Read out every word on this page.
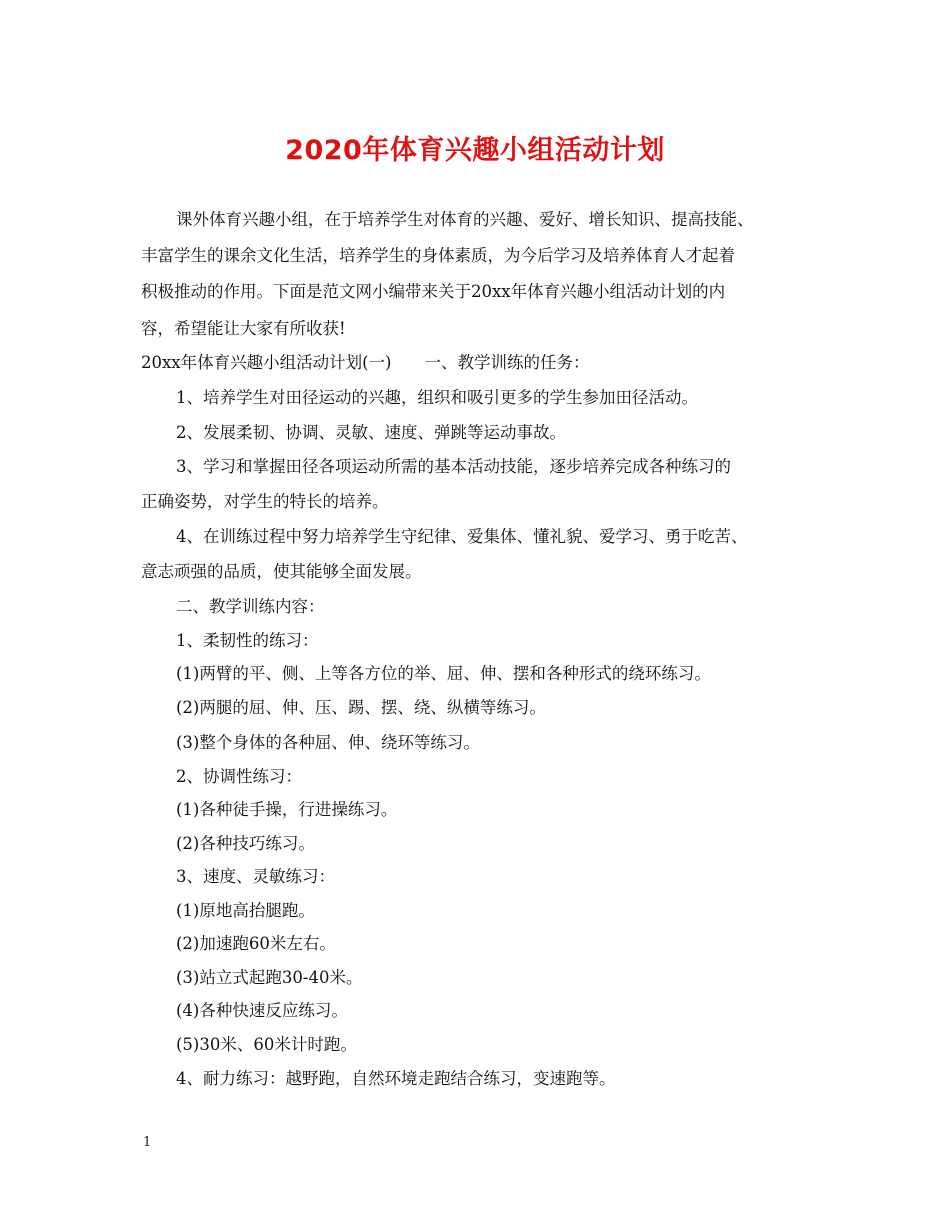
2020年体育兴趣小组活动计划
课外体育兴趣小组，在于培养学生对体育的兴趣、爱好、增长知识、提高技能、
丰富学生的课余文化生活，培养学生的身体素质，为今后学习及培养体育人才起着
积极推动的作用。下面是范文网小编带来关于20xx年体育兴趣小组活动计划的内
容，希望能让大家有所收获!
20xx年体育兴趣小组活动计划(一)　　一、教学训练的任务：
1、培养学生对田径运动的兴趣，组织和吸引更多的学生参加田径活动。
2、发展柔韧、协调、灵敏、速度、弹跳等运动事故。
3、学习和掌握田径各项运动所需的基本活动技能，逐步培养完成各种练习的
正确姿势，对学生的特长的培养。
4、在训练过程中努力培养学生守纪律、爱集体、懂礼貌、爱学习、勇于吃苦、
意志顽强的品质，使其能够全面发展。
二、教学训练内容：
1、柔韧性的练习：
(1)两臂的平、侧、上等各方位的举、屈、伸、摆和各种形式的绕环练习。
(2)两腿的屈、伸、压、踢、摆、绕、纵横等练习。
(3)整个身体的各种屈、伸、绕环等练习。
2、协调性练习：
(1)各种徒手操，行进操练习。
(2)各种技巧练习。
3、速度、灵敏练习：
(1)原地高抬腿跑。
(2)加速跑60米左右。
(3)站立式起跑30-40米。
(4)各种快速反应练习。
(5)30米、60米计时跑。
4、耐力练习：越野跑，自然环境走跑结合练习，变速跑等。
1
